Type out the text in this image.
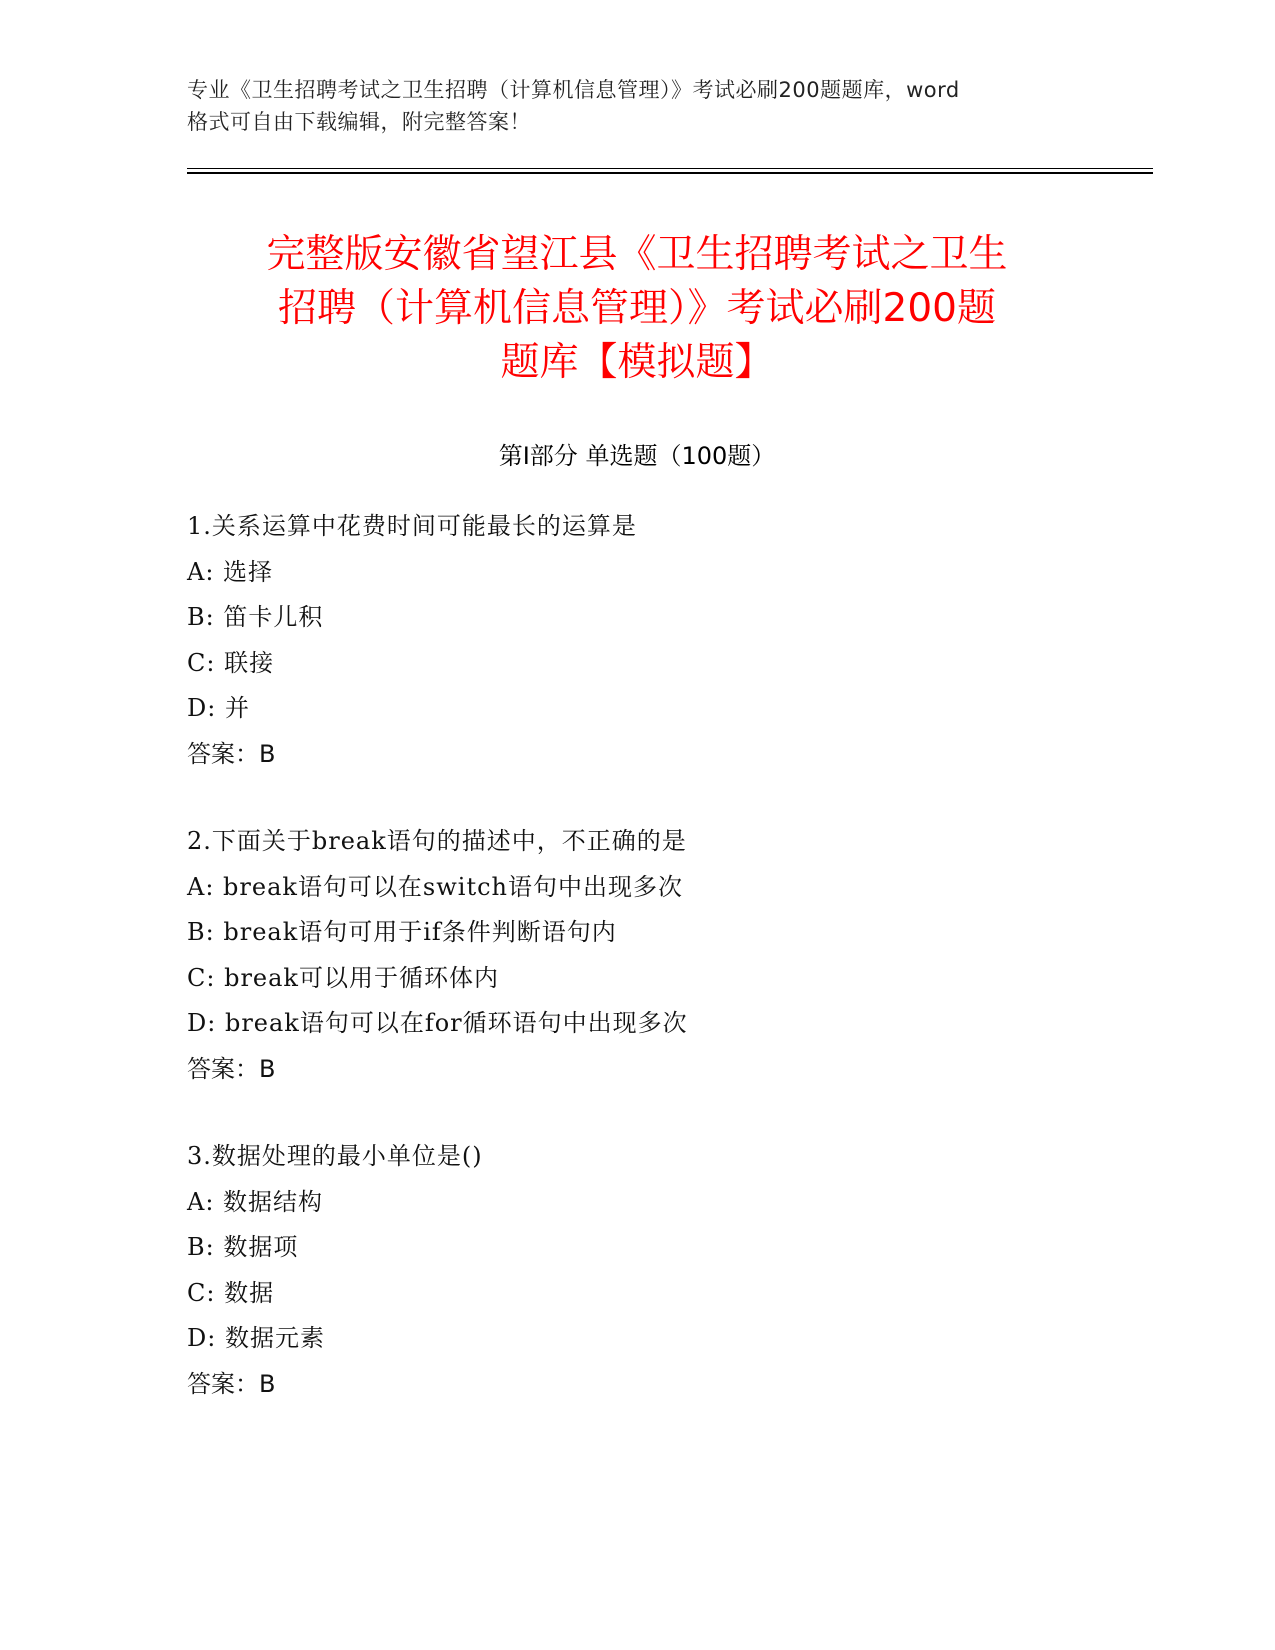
专业《卫生招聘考试之卫生招聘（计算机信息管理）》考试必刷200题题库，word
格式可自由下载编辑，附完整答案！
完整版安徽省望江县《卫生招聘考试之卫生
招聘（计算机信息管理）》考试必刷200题
题库【模拟题】
第Ⅰ部分 单选题（100题）
1.关系运算中花费时间可能最长的运算是
A: 选择
B: 笛卡儿积
C: 联接
D: 并
答案：B
2.下面关于break语句的描述中，不正确的是
A: break语句可以在switch语句中出现多次
B: break语句可用于if条件判断语句内
C: break可以用于循环体内
D: break语句可以在for循环语句中出现多次
答案：B
3.数据处理的最小单位是()
A: 数据结构
B: 数据项
C: 数据
D: 数据元素
答案：B
